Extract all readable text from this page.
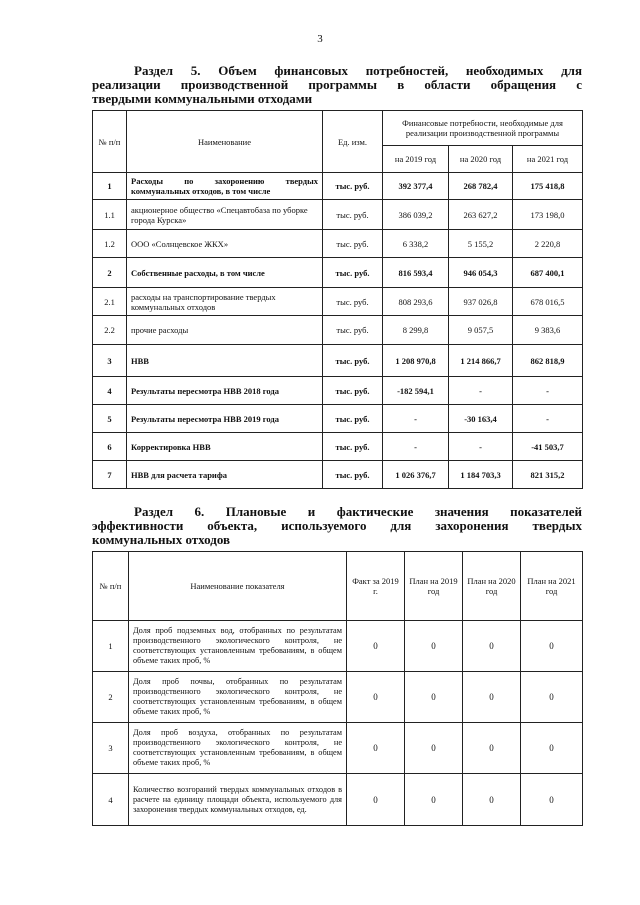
3
Раздел 5. Объем финансовых потребностей, необходимых для
реализации производственной программы в области обращения с
твердыми коммунальными отходами
№ п/п	Наименование	Ед. изм.	Финансовые потребности, необходимые для реализации производственной программы		
			на 2019 год	на 2020 год	на 2021 год
1	Расходы по захоронению твердых коммунальных отходов, в том числе	тыс. руб.	392 377,4	268 782,4	175 418,8
1.1	акционерное общество «Спецавтобаза по уборке города Курска»	тыс. руб.	386 039,2	263 627,2	173 198,0
1.2	ООО «Солнцевское ЖКХ»	тыс. руб.	6 338,2	5 155,2	2 220,8
2	Собственные расходы, в том числе	тыс. руб.	816 593,4	946 054,3	687 400,1
2.1	расходы на транспортирование твердых коммунальных отходов	тыс. руб.	808 293,6	937 026,8	678 016,5
2.2	прочие расходы	тыс. руб.	8 299,8	9 057,5	9 383,6
3	НВВ	тыс. руб.	1 208 970,8	1 214 866,7	862 818,9
4	Результаты пересмотра НВВ 2018 года	тыс. руб.	-182 594,1	-	-
5	Результаты пересмотра НВВ 2019 года	тыс. руб.	-	-30 163,4	-
6	Корректировка НВВ	тыс. руб.	-	-	-41 503,7
7	НВВ для расчета тарифа	тыс. руб.	1 026 376,7	1 184 703,3	821 315,2
Раздел 6. Плановые и фактические значения показателей
эффективности объекта, используемого для захоронения твердых
коммунальных отходов
№ п/п	Наименование показателя	Факт за 2019 г.	План на 2019 год	План на 2020 год	План на 2021 год
1	Доля проб подземных вод, отобранных по результатам производственного экологического контроля, не соответствующих установленным требованиям, в общем объеме таких проб, %	0	0	0	0
2	Доля проб почвы, отобранных по результатам производственного экологического контроля, не соответствующих установленным требованиям, в общем объеме таких проб, %	0	0	0	0
3	Доля проб воздуха, отобранных по результатам производственного экологического контроля, не соответствующих установленным требованиям, в общем объеме таких проб, %	0	0	0	0
4	Количество возгораний твердых коммунальных отходов в расчете на единицу площади объекта, используемого для захоронения твердых коммунальных отходов, ед.	0	0	0	0
